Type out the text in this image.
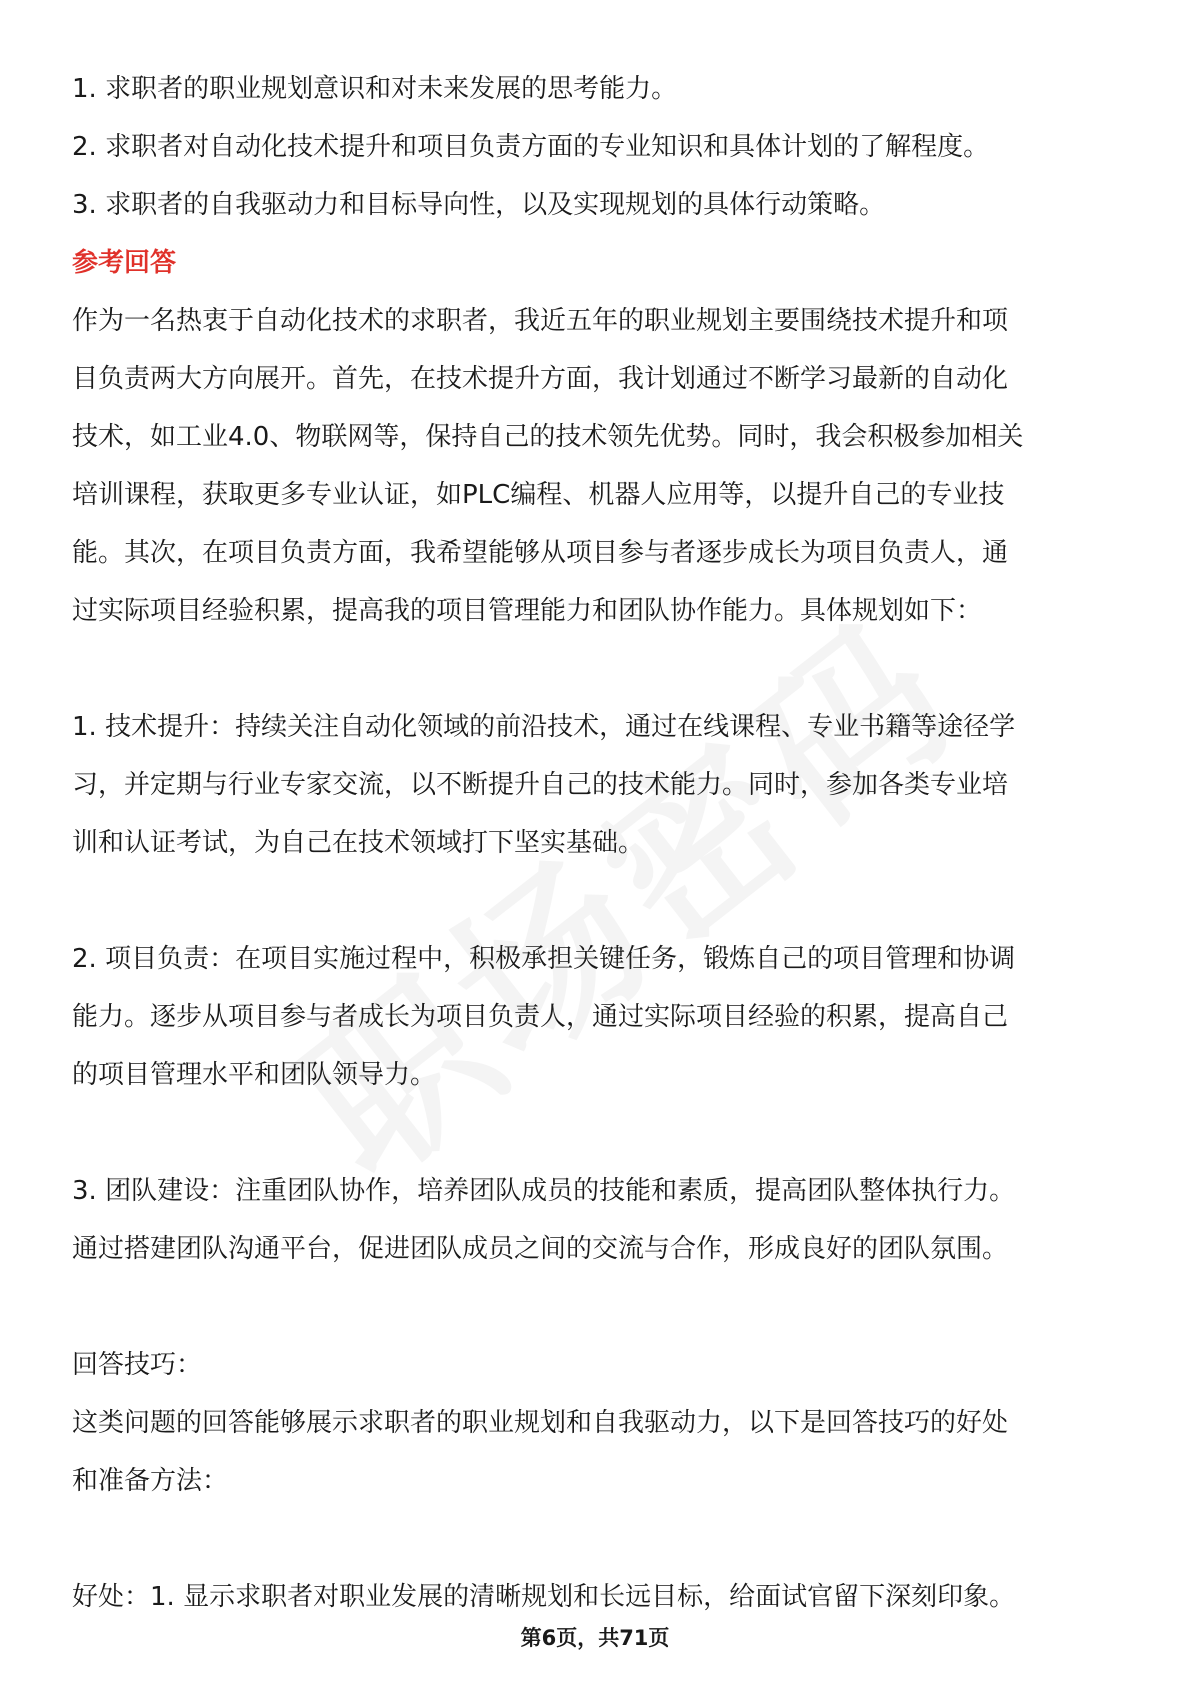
1. 求职者的职业规划意识和对未来发展的思考能力。
2. 求职者对自动化技术提升和项目负责方面的专业知识和具体计划的了解程度。
3. 求职者的自我驱动力和目标导向性，以及实现规划的具体行动策略。
参考回答
作为一名热衷于自动化技术的求职者，我近五年的职业规划主要围绕技术提升和项
目负责两大方向展开。首先，在技术提升方面，我计划通过不断学习最新的自动化
技术，如工业4.0、物联网等，保持自己的技术领先优势。同时，我会积极参加相关
培训课程，获取更多专业认证，如PLC编程、机器人应用等，以提升自己的专业技
能。其次，在项目负责方面，我希望能够从项目参与者逐步成长为项目负责人，通
过实际项目经验积累，提高我的项目管理能力和团队协作能力。具体规划如下：
1. 技术提升：持续关注自动化领域的前沿技术，通过在线课程、专业书籍等途径学
习，并定期与行业专家交流，以不断提升自己的技术能力。同时，参加各类专业培
训和认证考试，为自己在技术领域打下坚实基础。
2. 项目负责：在项目实施过程中，积极承担关键任务，锻炼自己的项目管理和协调
能力。逐步从项目参与者成长为项目负责人，通过实际项目经验的积累，提高自己
的项目管理水平和团队领导力。
3. 团队建设：注重团队协作，培养团队成员的技能和素质，提高团队整体执行力。
通过搭建团队沟通平台，促进团队成员之间的交流与合作，形成良好的团队氛围。
回答技巧：
这类问题的回答能够展示求职者的职业规划和自我驱动力，以下是回答技巧的好处
和准备方法：
好处：1. 显示求职者对职业发展的清晰规划和长远目标，给面试官留下深刻印象。
第6页，共71页
